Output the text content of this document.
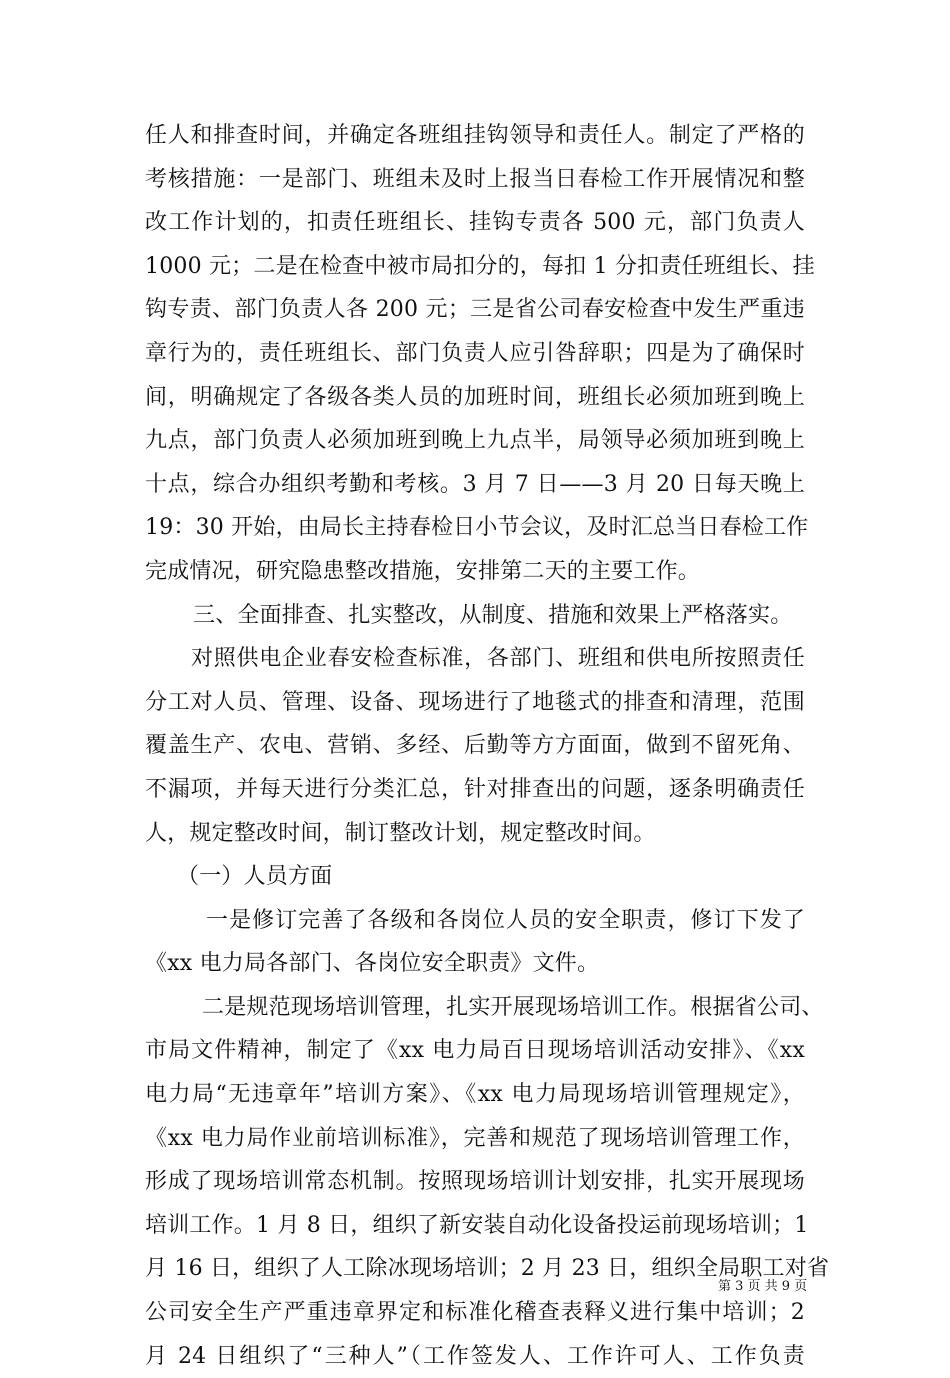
任人和排查时间，并确定各班组挂钩领导和责任人。制定了严格的
考核措施：一是部门、班组未及时上报当日春检工作开展情况和整
改工作计划的，扣责任班组长、挂钩专责各 500 元，部门负责人
1000 元；二是在检查中被市局扣分的，每扣 1 分扣责任班组长、挂
钩专责、部门负责人各 200 元；三是省公司春安检查中发生严重违
章行为的，责任班组长、部门负责人应引咎辞职；四是为了确保时
间，明确规定了各级各类人员的加班时间，班组长必须加班到晚上
九点，部门负责人必须加班到晚上九点半，局领导必须加班到晚上
十点，综合办组织考勤和考核。3 月 7 日——3 月 20 日每天晚上
19：30 开始，由局长主持春检日小节会议，及时汇总当日春检工作
完成情况，研究隐患整改措施，安排第二天的主要工作。
三、全面排查、扎实整改，从制度、措施和效果上严格落实。
对照供电企业春安检查标准，各部门、班组和供电所按照责任
分工对人员、管理、设备、现场进行了地毯式的排查和清理，范围
覆盖生产、农电、营销、多经、后勤等方方面面，做到不留死角、
不漏项，并每天进行分类汇总，针对排查出的问题，逐条明确责任
人，规定整改时间，制订整改计划，规定整改时间。
（一）人员方面
一是修订完善了各级和各岗位人员的安全职责，修订下发了
《xx 电力局各部门、各岗位安全职责》文件。
二是规范现场培训管理，扎实开展现场培训工作。根据省公司、
市局文件精神，制定了《xx 电力局百日现场培训活动安排》、《xx
电力局“无违章年”培训方案》、《xx 电力局现场培训管理规定》，
《xx 电力局作业前培训标准》，完善和规范了现场培训管理工作，
形成了现场培训常态机制。按照现场培训计划安排，扎实开展现场
培训工作。1 月 8 日，组织了新安装自动化设备投运前现场培训；1
月 16 日，组织了人工除冰现场培训；2 月 23 日，组织全局职工对省
公司安全生产严重违章界定和标准化稽查表释义进行集中培训；2
月 24 日组织了“三种人”（工作签发人、工作许可人、工作负责
第 3 页 共 9 页
